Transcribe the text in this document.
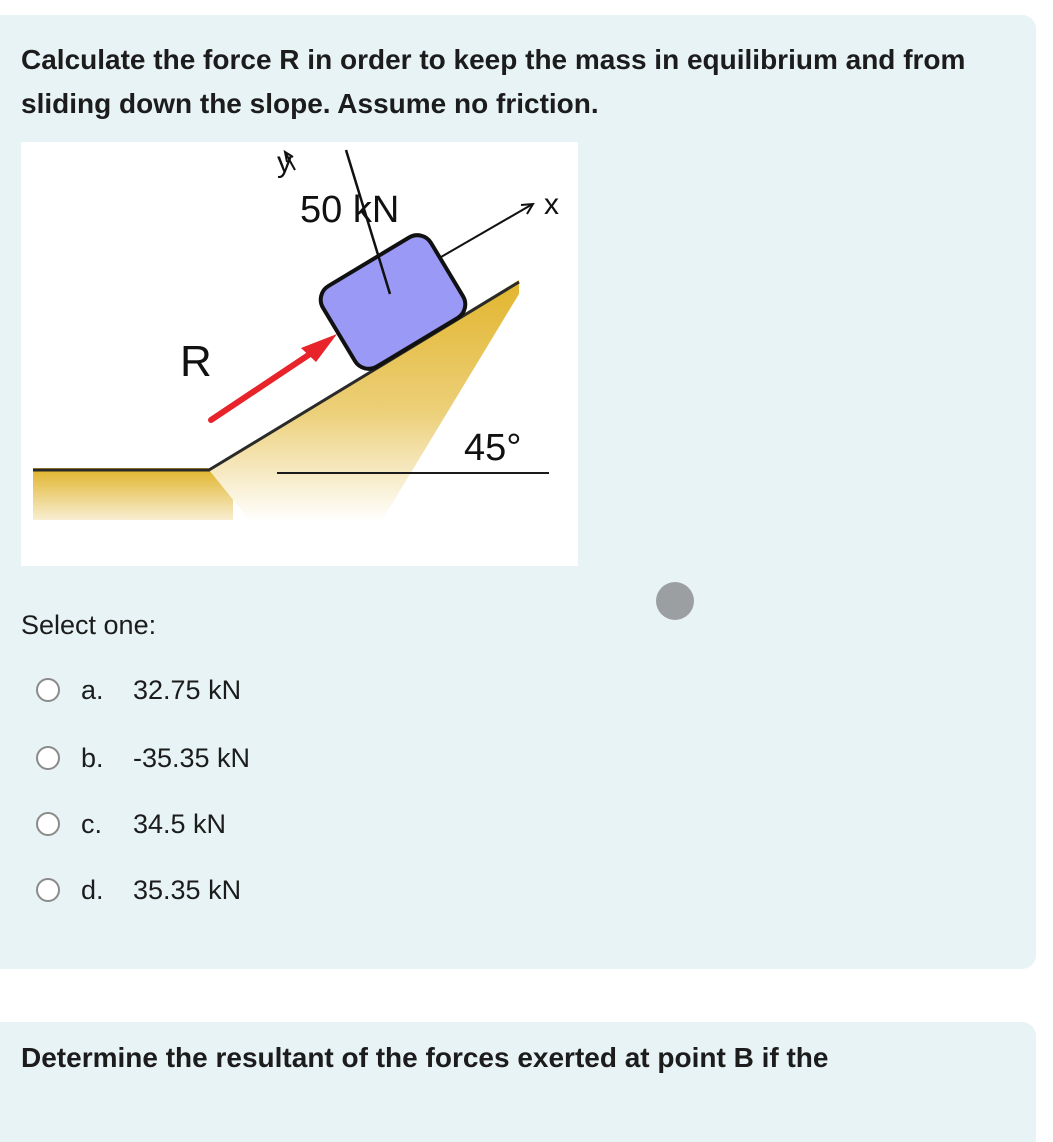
Calculate the force R in order to keep the mass in equilibrium and from sliding down the slope. Assume no friction.

y
x
50 kN
R
45°
Select one:
a.	32.75 kN
b.	-35.35 kN
c.	34.5 kN
d.	35.35 kN

Determine the resultant of the forces exerted at point B if the
